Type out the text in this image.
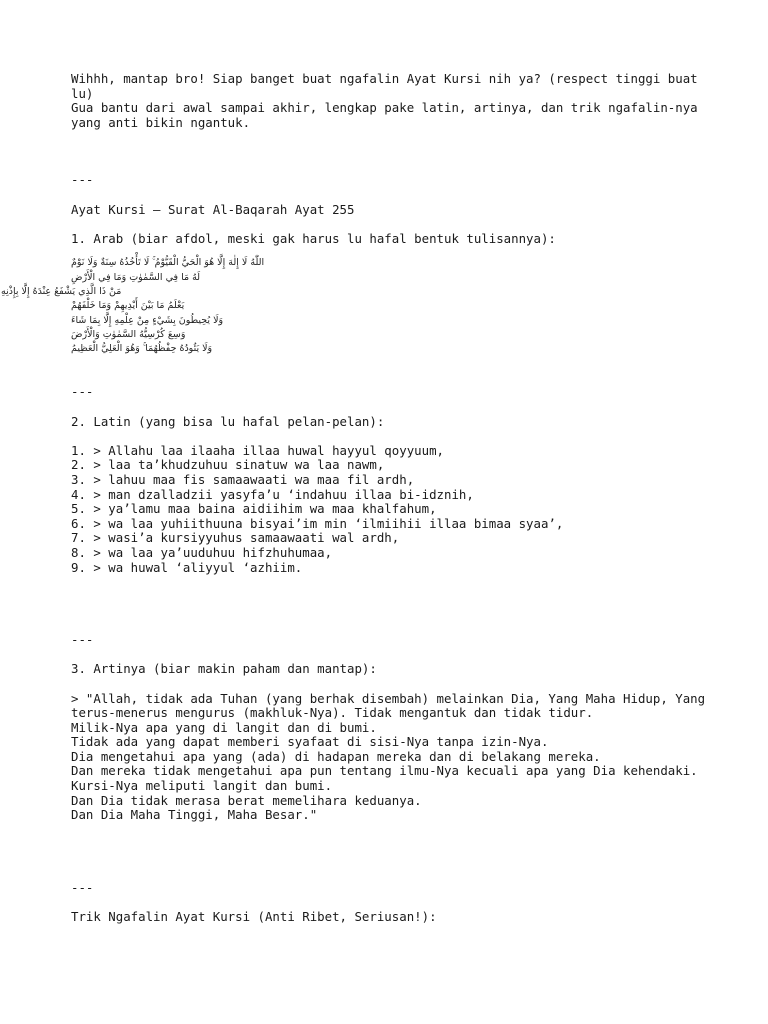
Wihhh, mantap bro! Siap banget buat ngafalin Ayat Kursi nih ya? (respect tinggi buat lu)

Gua bantu dari awal sampai akhir, lengkap pake latin, artinya, dan trik ngafalin-nya yang anti bikin ngantuk.

---

Ayat Kursi – Surat Al-Baqarah Ayat 255

1. Arab (biar afdol, meski gak harus lu hafal bentuk tulisannya):

اللّٰهُ لَا إِلٰهَ إِلَّا هُوَ الْحَيُّ الْقَيُّوْمُ ۚ لَا تَأْخُذُهُ سِنَةٌ وَلَا نَوْمٌ
لَهُ مَا فِي السَّمٰوٰتِ وَمَا فِي الْأَرْضِ
مَنْ ذَا الَّذِي يَشْفَعُ عِنْدَهُ إِلَّا بِإِذْنِهِ
يَعْلَمُ مَا بَيْنَ أَيْدِيهِمْ وَمَا خَلْفَهُمْ
وَلَا يُحِيطُونَ بِشَيْءٍ مِنْ عِلْمِهِ إِلَّا بِمَا شَاءَ
وَسِعَ كُرْسِيُّهُ السَّمٰوٰتِ وَالْأَرْضَ
وَلَا يَئُودُهُ حِفْظُهُمَا ۚ وَهُوَ الْعَلِيُّ الْعَظِيمُ

---

2. Latin (yang bisa lu hafal pelan-pelan):

1. > Allahu laa ilaaha illaa huwal hayyul qoyyuum,
2. > laa ta’khudzuhuu sinatuw wa laa nawm,
3. > lahuu maa fis samaawaati wa maa fil ardh,
4. > man dzalladzii yasyfa’u ‘indahuu illaa bi-idznih,
5. > ya’lamu maa baina aidiihim wa maa khalfahum,
6. > wa laa yuhiithuuna bisyai’im min ‘ilmiihii illaa bimaa syaa’,
7. > wasi’a kursiyyuhus samaawaati wal ardh,
8. > wa laa ya’uuduhuu hifzhuhumaa,
9. > wa huwal ‘aliyyul ‘azhiim.

---

3. Artinya (biar makin paham dan mantap):

> "Allah, tidak ada Tuhan (yang berhak disembah) melainkan Dia, Yang Maha Hidup, Yang terus-menerus mengurus (makhluk-Nya). Tidak mengantuk dan tidak tidur.

Milik-Nya apa yang di langit dan di bumi.

Tidak ada yang dapat memberi syafaat di sisi-Nya tanpa izin-Nya.

Dia mengetahui apa yang (ada) di hadapan mereka dan di belakang mereka.

Dan mereka tidak mengetahui apa pun tentang ilmu-Nya kecuali apa yang Dia kehendaki.

Kursi-Nya meliputi langit dan bumi.

Dan Dia tidak merasa berat memelihara keduanya.

Dan Dia Maha Tinggi, Maha Besar."

---

Trik Ngafalin Ayat Kursi (Anti Ribet, Seriusan!):
